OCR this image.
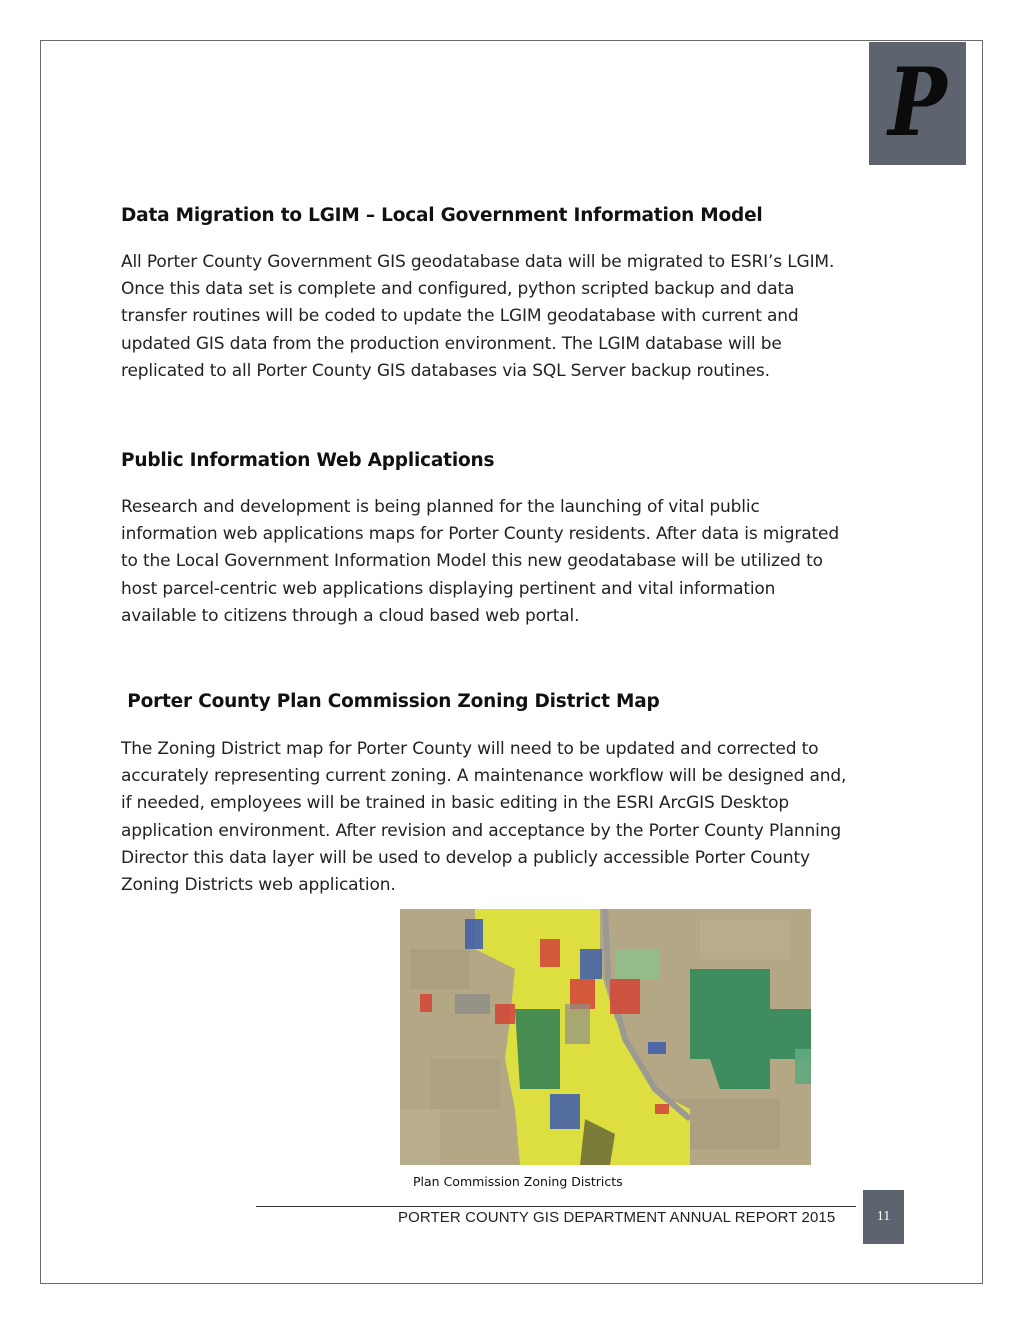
P
Data Migration to LGIM – Local Government Information Model
All Porter County Government GIS geodatabase data will be migrated to ESRI’s LGIM.
Once this data set is complete and configured, python scripted backup and data
transfer routines will be coded to update the LGIM geodatabase with current and
updated GIS data from the production environment. The LGIM database will be
replicated to all Porter County GIS databases via SQL Server backup routines.
Public Information Web Applications
Research and development is being planned for the launching of vital public
information web applications maps for Porter County residents. After data is migrated
to the Local Government Information Model this new geodatabase will be utilized to
host parcel-centric web applications displaying pertinent and vital information
available to citizens through a cloud based web portal.
Porter County Plan Commission Zoning District Map
The Zoning District map for Porter County will need to be updated and corrected to
accurately representing current zoning. A maintenance workflow will be designed and,
if needed, employees will be trained in basic editing in the ESRI ArcGIS Desktop
application environment. After revision and acceptance by the Porter County Planning
Director this data layer will be used to develop a publicly accessible Porter County
Zoning Districts web application.
Plan Commission Zoning Districts
PORTER COUNTY GIS DEPARTMENT ANNUAL REPORT 2015	11
